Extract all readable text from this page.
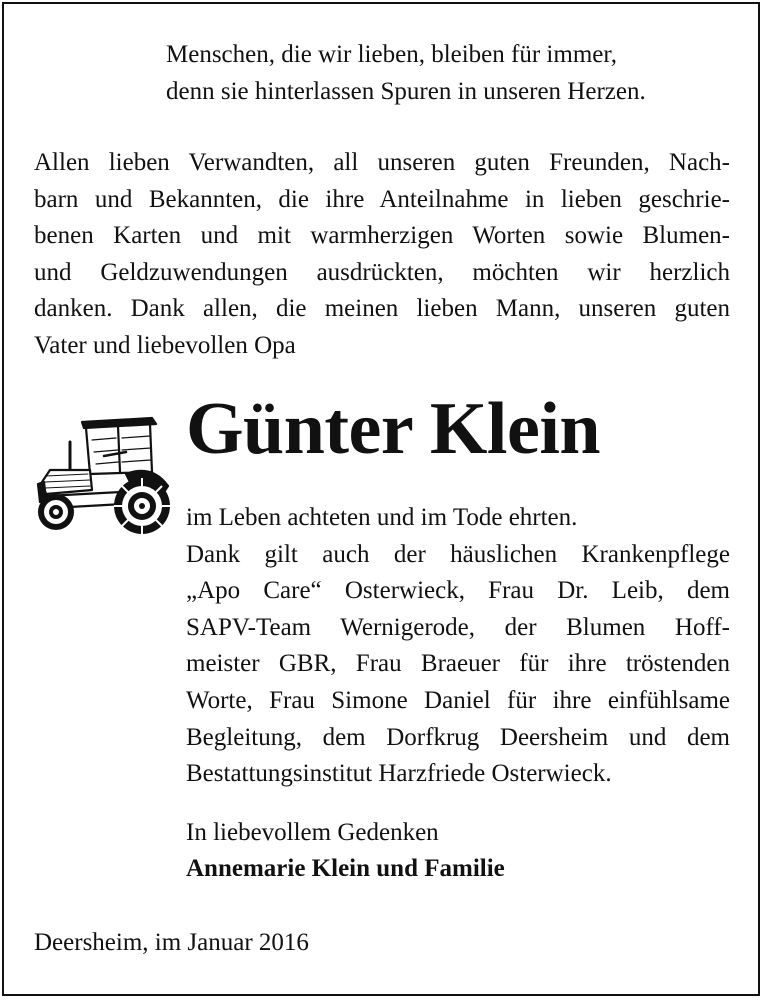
Menschen, die wir lieben, bleiben für immer,
denn sie hinterlassen Spuren in unseren Herzen.
Allen lieben Verwandten, all unseren guten Freunden, Nach-
barn und Bekannten, die ihre Anteilnahme in lieben geschrie-
benen Karten und mit warmherzigen Worten sowie Blumen-
und Geldzuwendungen ausdrückten, möchten wir herzlich
danken. Dank allen, die meinen lieben Mann, unseren guten
Vater und liebevollen Opa
Günter Klein
im Leben achteten und im Tode ehrten.
Dank gilt auch der häuslichen Krankenpflege
„Apo Care“ Osterwieck, Frau Dr. Leib, dem
SAPV-Team Wernigerode, der Blumen Hoff-
meister GBR, Frau Braeuer für ihre tröstenden
Worte, Frau Simone Daniel für ihre einfühlsame
Begleitung, dem Dorfkrug Deersheim und dem
Bestattungsinstitut Harzfriede Osterwieck.
In liebevollem Gedenken
Annemarie Klein und Familie
Deersheim, im Januar 2016
